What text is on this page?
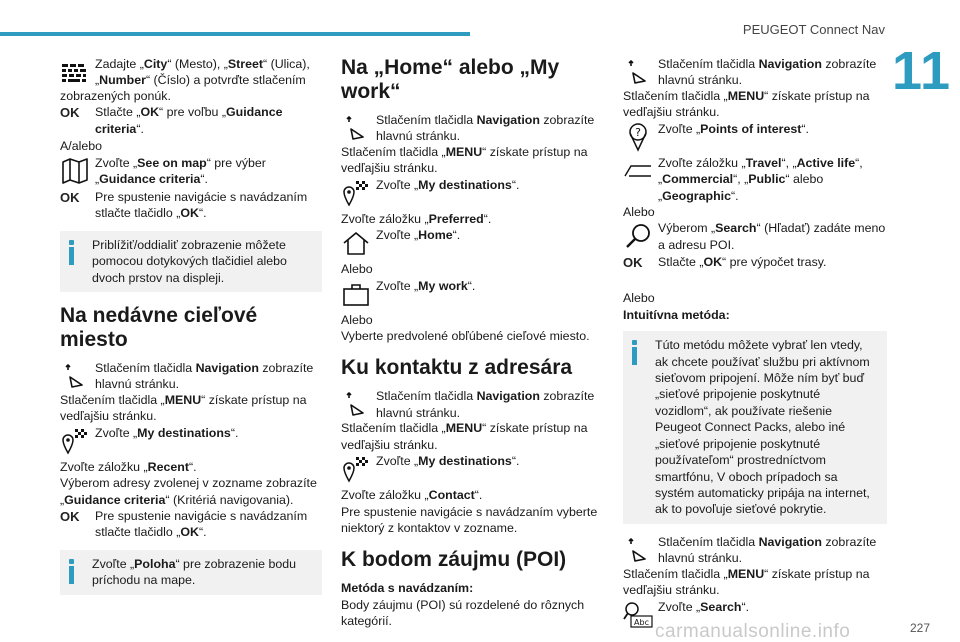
PEUGEOT Connect Nav
11

Zadajte „City“ (Mesto), „Street“ (Ulica), „Number“ (Číslo) a potvrďte stlačením

zobrazených ponúk.

OK	Stlačte „OK“ pre voľbu „Guidance criteria“.

A/alebo

Zvoľte „See on map“ pre výber „Guidance criteria“.

OK	Pre spustenie navigácie s navádzaním stlačte tlačidlo „OK“.

Priblížiť/oddialiť zobrazenie môžete pomocou dotykových tlačidiel alebo dvoch prstov na displeji.
Na nedávne cieľové miesto

Stlačením tlačidla Navigation zobrazíte hlavnú stránku.

Stlačením tlačidla „MENU“ získate prístup na vedľajšiu stránku.

Zvoľte „My destinations“.

Zvoľte záložku „Recent“.

Výberom adresy zvolenej v zozname zobrazíte „Guidance criteria“ (Kritériá navigovania).

OK	Pre spustenie navigácie s navádzaním stlačte tlačidlo „OK“.

Zvoľte „Poloha“ pre zobrazenie bodu príchodu na mape.
Na „Home“ alebo „My work“

Stlačením tlačidla Navigation zobrazíte hlavnú stránku.

Stlačením tlačidla „MENU“ získate prístup na vedľajšiu stránku.

Zvoľte „My destinations“.

Zvoľte záložku „Preferred“.

Zvoľte „Home“.

Alebo

Zvoľte „My work“.

Alebo

Vyberte predvolené obľúbené cieľové miesto.

Ku kontaktu z adresára

Stlačením tlačidla Navigation zobrazíte hlavnú stránku.

Stlačením tlačidla „MENU“ získate prístup na vedľajšiu stránku.

Zvoľte „My destinations“.

Zvoľte záložku „Contact“.

Pre spustenie navigácie s navádzaním vyberte niektorý z kontaktov v zozname.

K bodom záujmu (POI)

Metóda s navádzaním:

Body záujmu (POI) sú rozdelené do rôznych kategórií.

Stlačením tlačidla Navigation zobrazíte hlavnú stránku.

Stlačením tlačidla „MENU“ získate prístup na vedľajšiu stránku.

? Zvoľte „Points of interest“.

Zvoľte záložku „Travel“, „Active life“, „Commercial“, „Public“ alebo „Geographic“.

Alebo

Výberom „Search“ (Hľadať) zadáte meno a adresu POI.

OK	Stlačte „OK“ pre výpočet trasy.

Alebo

Intuitívna metóda:

Túto metódu môžete vybrať len vtedy, ak chcete používať službu pri aktívnom sieťovom pripojení. Môže ním byť buď „sieťové pripojenie poskytnuté vozidlom“, ak používate riešenie Peugeot Connect Packs, alebo iné „sieťové pripojenie poskytnuté používateľom“ prostredníctvom smartfónu, V oboch prípadoch sa systém automaticky pripája na internet, ak to povoľuje sieťové pokrytie.

Stlačením tlačidla Navigation zobrazíte hlavnú stránku.

Stlačením tlačidla „MENU“ získate prístup na vedľajšiu stránku.

Abc

Zvoľte „Search“.

227
carmanualsonline.info
